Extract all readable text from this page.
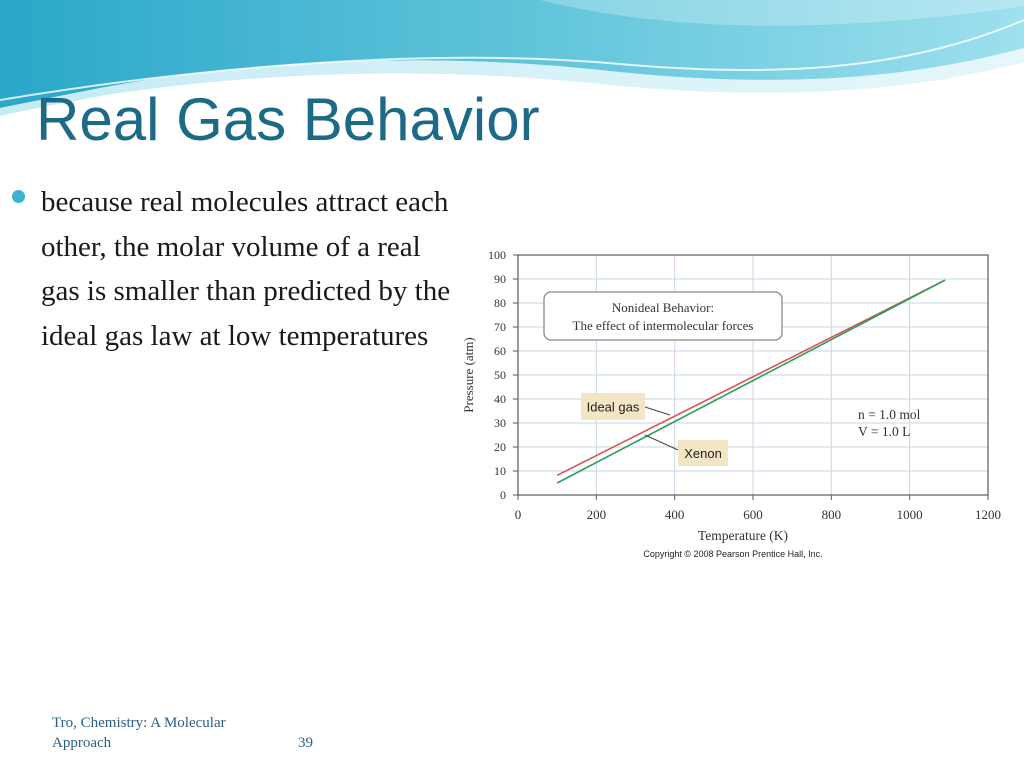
Real Gas Behavior
because real molecules attract each other, the molar volume of a real gas is smaller than predicted by the ideal gas law at low temperatures
0	200	400	600	800	1000	1200
0
10
20
30
40
50
60
70
80
90
100
Temperature (K)
Pressure (atm)	Ideal gas
Xenon
Nonideal Behavior:
The effect of intermolecular forces
n = 1.0 mol
V = 1.0 L
Copyright © 2008 Pearson Prentice Hall, Inc.
Tro, Chemistry: A Molecular Approach	39
